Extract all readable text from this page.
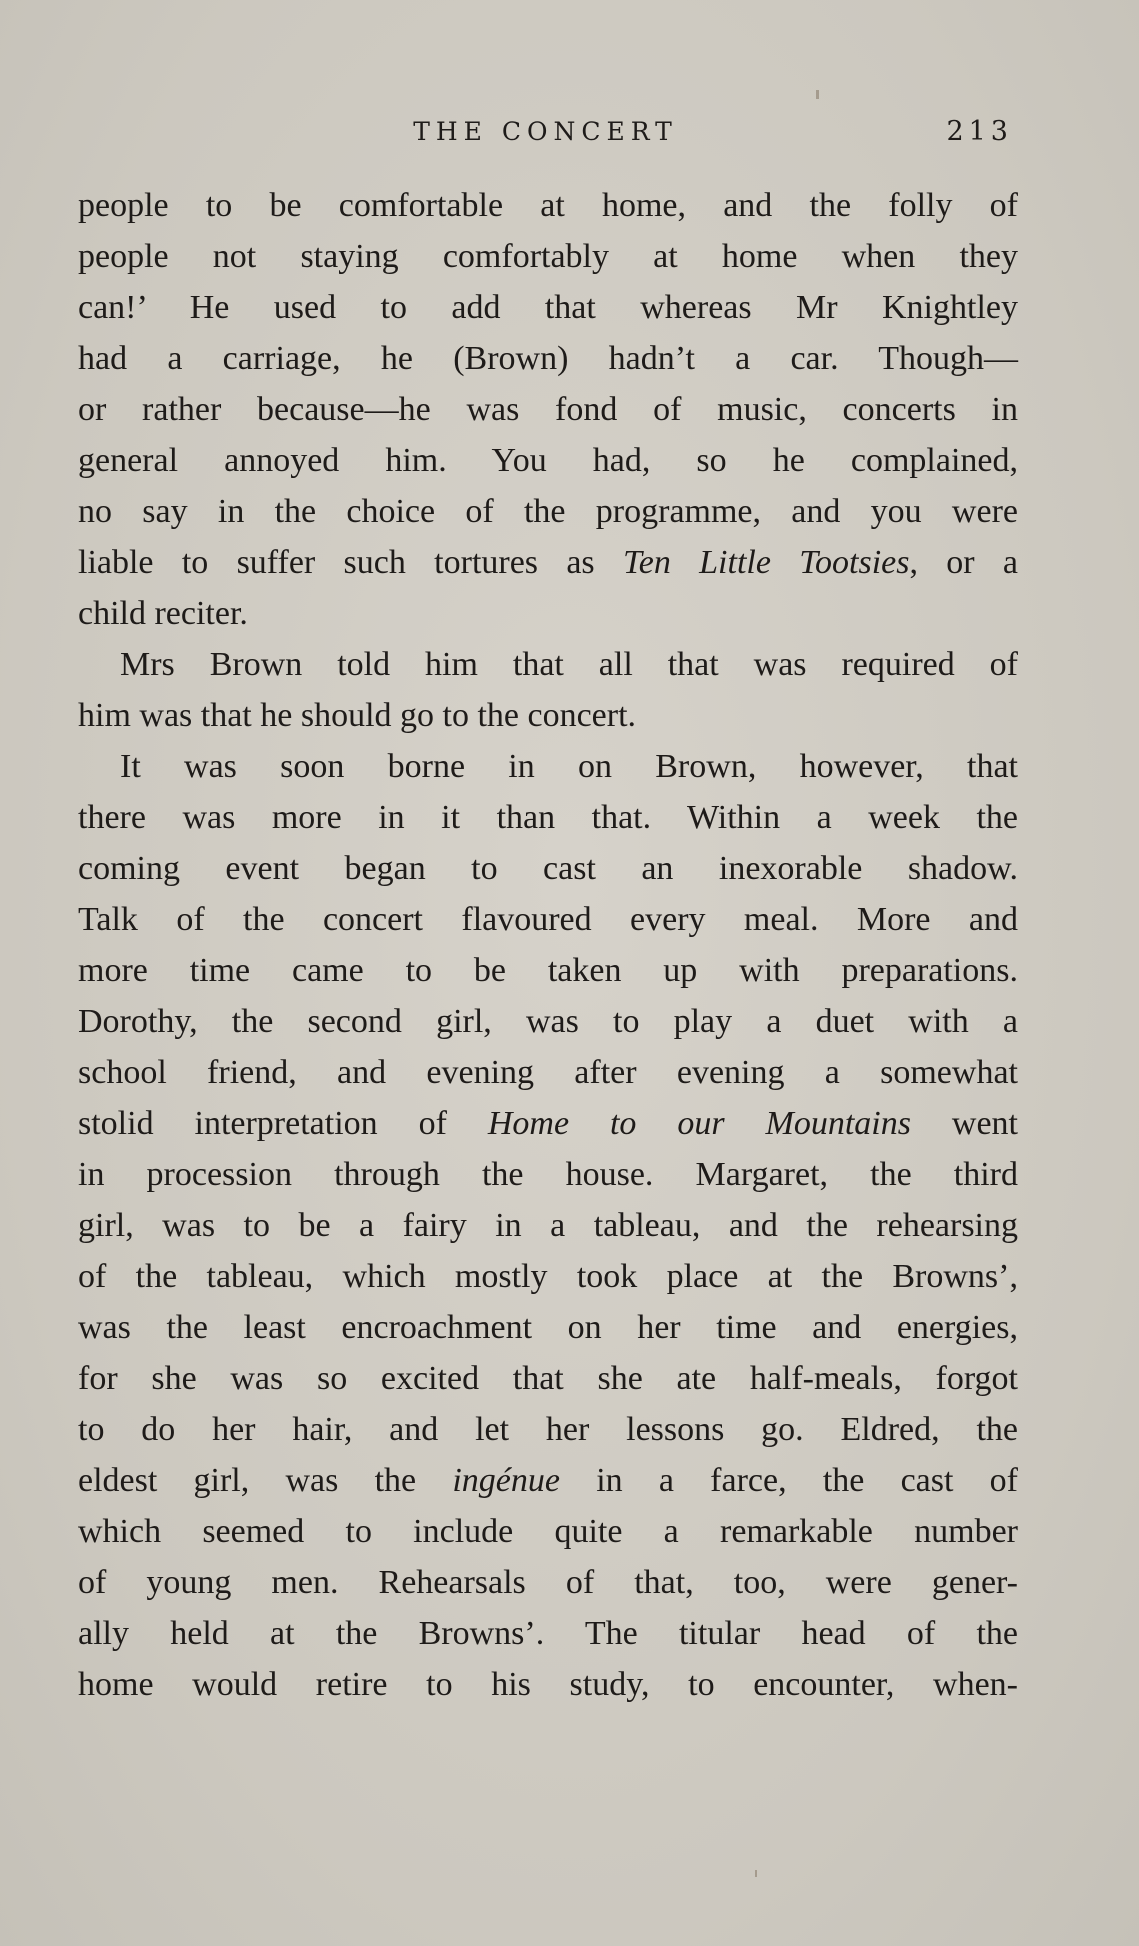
THE CONCERT	213
people to be comfortable at home, and the folly of
people not staying comfortably at home when they
can!’ He used to add that whereas Mr Knightley
had a carriage, he (Brown) hadn’t a car. Though—
or rather because—he was fond of music, concerts in
general annoyed him. You had, so he complained,
no say in the choice of the programme, and you were
liable to suffer such tortures as Ten Little Tootsies, or a
child reciter.
Mrs Brown told him that all that was required of
him was that he should go to the concert.
It was soon borne in on Brown, however, that
there was more in it than that. Within a week the
coming event began to cast an inexorable shadow.
Talk of the concert flavoured every meal. More and
more time came to be taken up with preparations.
Dorothy, the second girl, was to play a duet with a
school friend, and evening after evening a somewhat
stolid interpretation of Home to our Mountains went
in procession through the house. Margaret, the third
girl, was to be a fairy in a tableau, and the rehearsing
of the tableau, which mostly took place at the Browns’,
was the least encroachment on her time and energies,
for she was so excited that she ate half-meals, forgot
to do her hair, and let her lessons go. Eldred, the
eldest girl, was the ingénue in a farce, the cast of
which seemed to include quite a remarkable number
of young men. Rehearsals of that, too, were gener-
ally held at the Browns’. The titular head of the
home would retire to his study, to encounter, when-
